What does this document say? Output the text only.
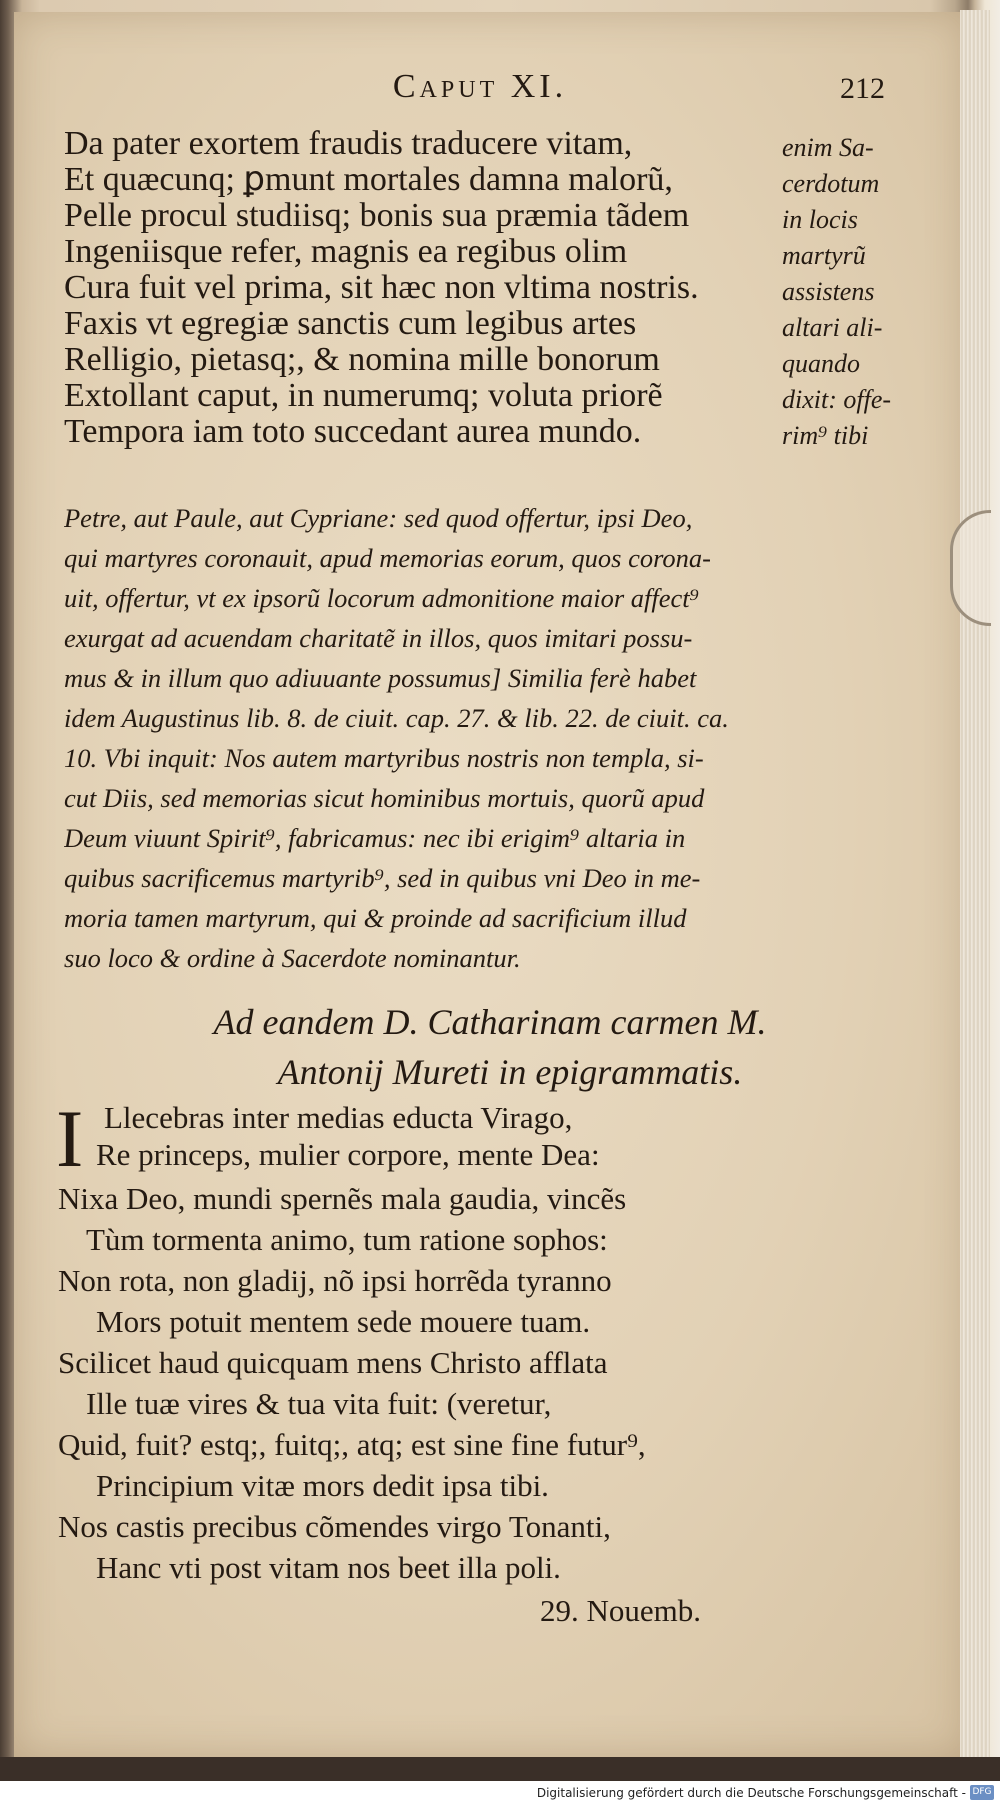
Caput XI.	212
Da pater exortem fraudis traducere vitam,
Et quæcunq; ꝑmunt mortales damna malorũ,
Pelle procul studiisq; bonis sua præmia tãdem
Ingeniisque refer, magnis ea regibus olim
Cura fuit vel prima, sit hæc non vltima nostris.
Faxis vt egregiæ sanctis cum legibus artes
Relligio, pietasq;, & nomina mille bonorum
Extollant caput, in numerumq; voluta priorẽ
Tempora iam toto succedant aurea mundo.
enim Sa-
cerdotum
in locis
martyrũ
assistens
altari ali-
quando
dixit: offe-
rim⁹ tibi
Petre, aut Paule, aut Cypriane: sed quod offertur, ipsi Deo,
qui martyres coronauit, apud memorias eorum, quos corona-
uit, offertur, vt ex ipsorũ locorum admonitione maior affect⁹
exurgat ad acuendam charitatẽ in illos, quos imitari possu-
mus & in illum quo adiuuante possumus] Similia ferè habet
idem Augustinus lib. 8. de ciuit. cap. 27. & lib. 22. de ciuit. ca.
10. Vbi inquit: Nos autem martyribus nostris non templa, si-
cut Diis, sed memorias sicut hominibus mortuis, quorũ apud
Deum viuunt Spirit⁹, fabricamus: nec ibi erigim⁹ altaria in
quibus sacrificemus martyrib⁹, sed in quibus vni Deo in me-
moria tamen martyrum, qui & proinde ad sacrificium illud
suo loco & ordine à Sacerdote nominantur.
Ad eandem D. Catharinam carmen M.
Antonij Mureti in epigrammatis.
I Llecebras inter medias educta Virago,
Re princeps, mulier corpore, mente Dea:
Nixa Deo, mundi spernẽs mala gaudia, vincẽs
Tùm tormenta animo, tum ratione sophos:
Non rota, non gladij, nõ ipsi horrẽda tyranno
Mors potuit mentem sede mouere tuam.
Scilicet haud quicquam mens Christo afflata
Ille tuæ vires & tua vita fuit: (veretur,
Quid, fuit? estq;, fuitq;, atq; est sine fine futur⁹,
Principium vitæ mors dedit ipsa tibi.
Nos castis precibus cõmendes virgo Tonanti,
Hanc vti post vitam nos beet illa poli.
29. Nouemb.
Digitalisierung gefördert durch die Deutsche Forschungsgemeinschaft - DFG
